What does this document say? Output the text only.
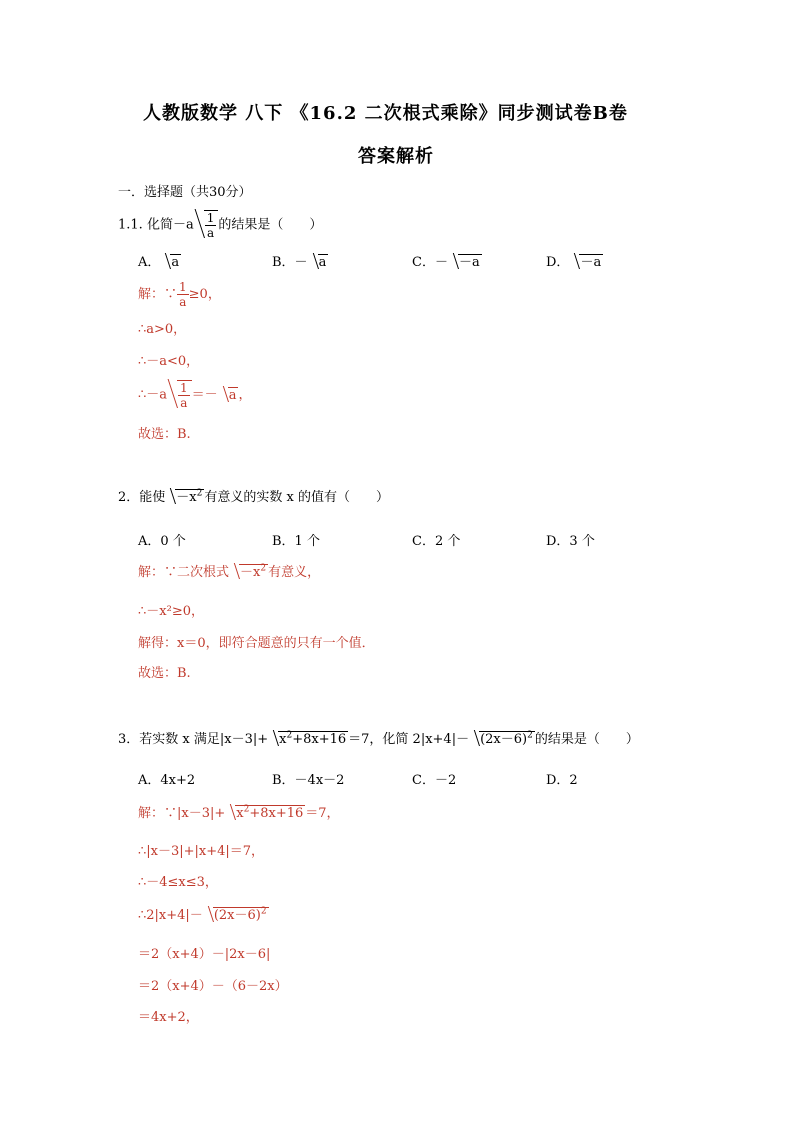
人教版数学 八下 《16.2 二次根式乘除》同步测试卷B卷
答案解析
一．选择题（共30分）
1.1. 化简$-a \frac{1}{a}$ 的结果是（　　）
A． a	B．－ a	C．－ －a	D． －a
解：∵ $\frac{1}{a} \ge 0$，
∴a>0，
∴－a<0，
∴－a $\frac{1}{a} =- a$ ，
故选：B.
2．能使 $-x^2$ 有意义的实数 x 的值有（　　）
A．0 个	B．1 个	C．2 个	D．3 个
解：∵二次根式 $-x^2$ 有意义，
∴－x²≥0，
解得：x＝0，即符合题意的只有一个值．
故选：B.
3．若实数 x 满足$|x-3|+ x^2+8x+16 =7$，化简 $2|x+4|- (2x-6)^2$ 的结果是（　　）
A．4x+2	B．－4x－2	C．－2	D．2
解：∵|x－3|+ $x^2+8x+16 =7$，
∴|x－3|+|x+4|＝7，
∴－4≤x≤3，
∴2|x+4|－ $(2x-6)^2$
＝2（x+4）－|2x－6|
＝2（x+4）－（6－2x）
＝4x+2，
